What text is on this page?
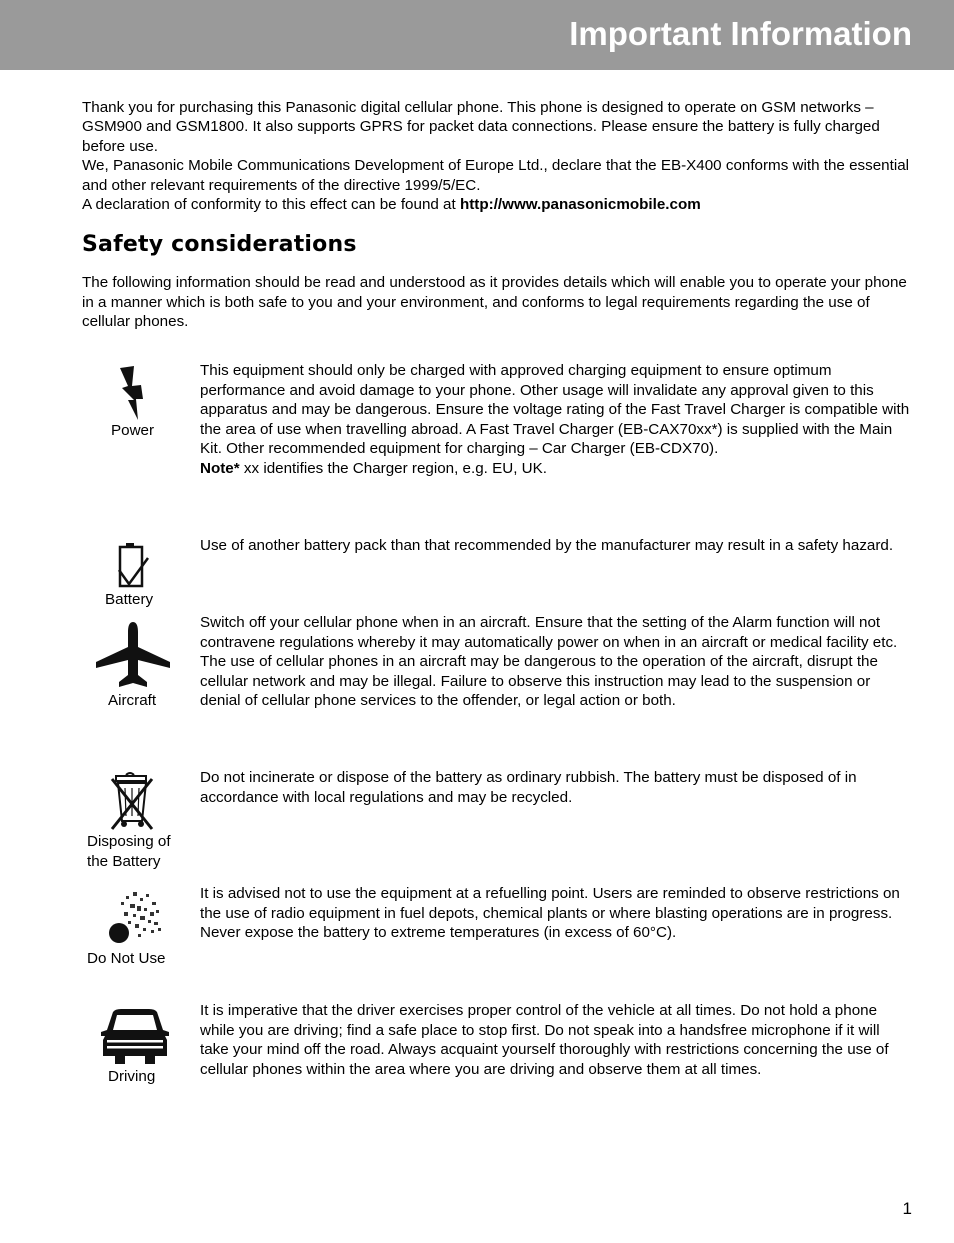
Important Information

Thank you for purchasing this Panasonic digital cellular phone. This phone is designed to operate on GSM networks – GSM900 and GSM1800. It also supports GPRS for packet data connections. Please ensure the battery is fully charged before use.

We, Panasonic Mobile Communications Development of Europe Ltd., declare that the EB-X400 conforms with the essential and other relevant requirements of the directive 1999/5/EC.

A declaration of conformity to this effect can be found at http://www.panasonicmobile.com

Safety considerations

The following information should be read and understood as it provides details which will enable you to operate your phone in a manner which is both safe to you and your environment, and conforms to legal requirements regarding the use of cellular phones.

Power

This equipment should only be charged with approved charging equipment to ensure optimum performance and avoid damage to your phone. Other usage will invalidate any approval given to this apparatus and may be dangerous. Ensure the voltage rating of the Fast Travel Charger is compatible with the area of use when travelling abroad. A Fast Travel Charger (EB-CAX70xx*) is supplied with the Main Kit. Other recommended equipment for charging – Car Charger (EB-CDX70).
Note* xx identifies the Charger region, e.g. EU, UK.

Battery

Use of another battery pack than that recommended by the manufacturer may result in a safety hazard.

Aircraft

Switch off your cellular phone when in an aircraft. Ensure that the setting of the Alarm function will not contravene regulations whereby it may automatically power on when in an aircraft or medical facility etc. The use of cellular phones in an aircraft may be dangerous to the operation of the aircraft, disrupt the cellular network and may be illegal. Failure to observe this instruction may lead to the suspension or denial of cellular phone services to the offender, or legal action or both.

Disposing of
the Battery

Do not incinerate or dispose of the battery as ordinary rubbish. The battery must be disposed of in accordance with local regulations and may be recycled.

Do Not Use

It is advised not to use the equipment at a refuelling point. Users are reminded to observe restrictions on the use of radio equipment in fuel depots, chemical plants or where blasting operations are in progress. Never expose the battery to extreme temperatures (in excess of 60°C).

Driving

It is imperative that the driver exercises proper control of the vehicle at all times. Do not hold a phone while you are driving; find a safe place to stop first. Do not speak into a handsfree microphone if it will take your mind off the road. Always acquaint yourself thoroughly with restrictions concerning the use of cellular phones within the area where you are driving and observe them at all times.

1
